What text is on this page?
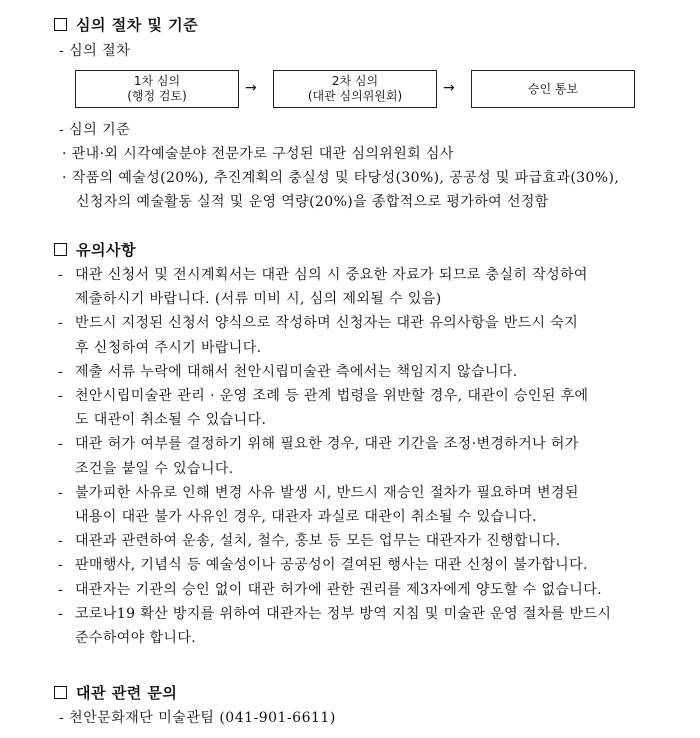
심의 절차 및 기준
- 심의 절차
1차 심의
(행정 검토)	→	2차 심의
(대관 심의위원회)	→	승인 통보
- 심의 기준
· 관내·외 시각예술분야 전문가로 구성된 대관 심의위원회 심사
· 작품의 예술성(20%), 추진계획의 충실성 및 타당성(30%), 공공성 및 파급효과(30%),
신청자의 예술활동 실적 및 운영 역량(20%)을 종합적으로 평가하여 선정함
유의사항
- 대관 신청서 및 전시계획서는 대관 심의 시 중요한 자료가 되므로 충실히 작성하여
제출하시기 바랍니다. (서류 미비 시, 심의 제외될 수 있음)
- 반드시 지정된 신청서 양식으로 작성하며 신청자는 대관 유의사항을 반드시 숙지
후 신청하여 주시기 바랍니다.
- 제출 서류 누락에 대해서 천안시립미술관 측에서는 책임지지 않습니다.
- 천안시립미술관 관리 · 운영 조례 등 관계 법령을 위반할 경우, 대관이 승인된 후에
도 대관이 취소될 수 있습니다.
- 대관 허가 여부를 결정하기 위해 필요한 경우, 대관 기간을 조정·변경하거나 허가
조건을 붙일 수 있습니다.
- 불가피한 사유로 인해 변경 사유 발생 시, 반드시 재승인 절차가 필요하며 변경된
내용이 대관 불가 사유인 경우, 대관자 과실로 대관이 취소될 수 있습니다.
- 대관과 관련하여 운송, 설치, 철수, 홍보 등 모든 업무는 대관자가 진행합니다.
- 판매행사, 기념식 등 예술성이나 공공성이 결여된 행사는 대관 신청이 불가합니다.
- 대관자는 기관의 승인 없이 대관 허가에 관한 권리를 제3자에게 양도할 수 없습니다.
- 코로나19 확산 방지를 위하여 대관자는 정부 방역 지침 및 미술관 운영 절차를 반드시
준수하여야 합니다.
대관 관련 문의
- 천안문화재단 미술관팀 (041-901-6611)
